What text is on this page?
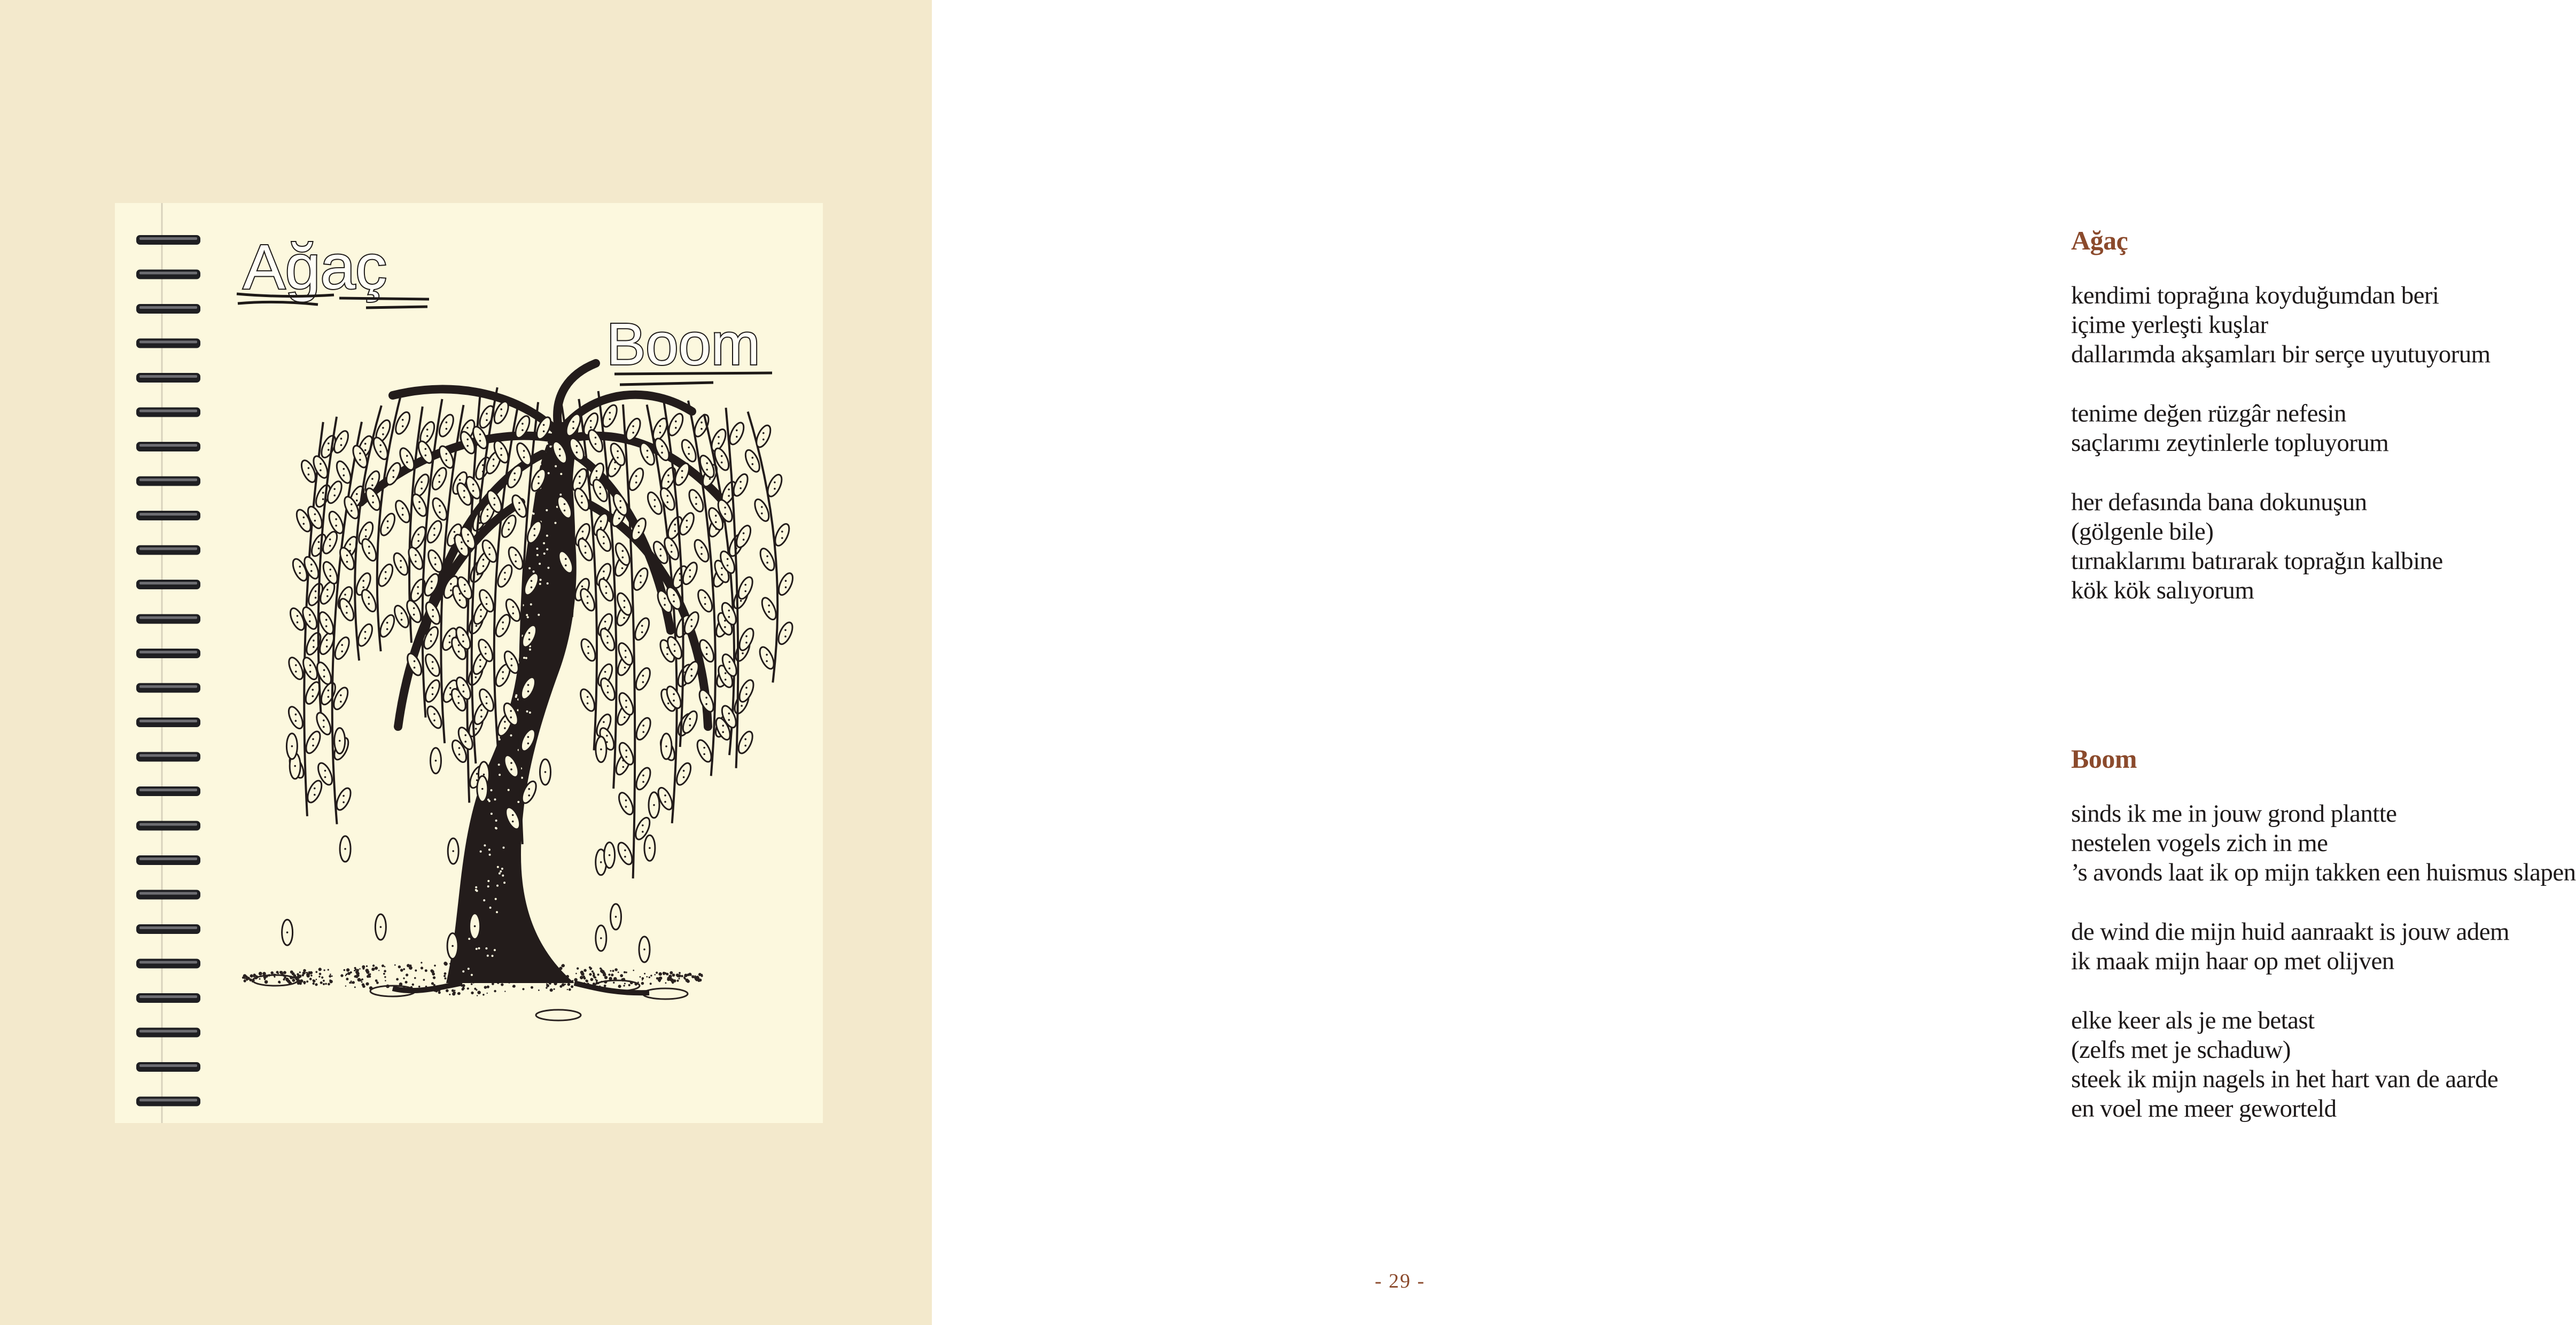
Ağaç
Boom
Ağaç
kendimi toprağına koyduğumdan beri
içime yerleşti kuşlar
dallarımda akşamları bir serçe uyutuyorum
tenime değen rüzgâr nefesin
saçlarımı zeytinlerle topluyorum
her defasında bana dokunuşun
(gölgenle bile)
tırnaklarımı batırarak toprağın kalbine
kök kök salıyorum
Boom
sinds ik me in jouw grond plantte
nestelen vogels zich in me
’s avonds laat ik op mijn takken een huismus slapen
de wind die mijn huid aanraakt is jouw adem
ik maak mijn haar op met olijven
elke keer als je me betast
(zelfs met je schaduw)
steek ik mijn nagels in het hart van de aarde
en voel me meer geworteld
- 29 -
